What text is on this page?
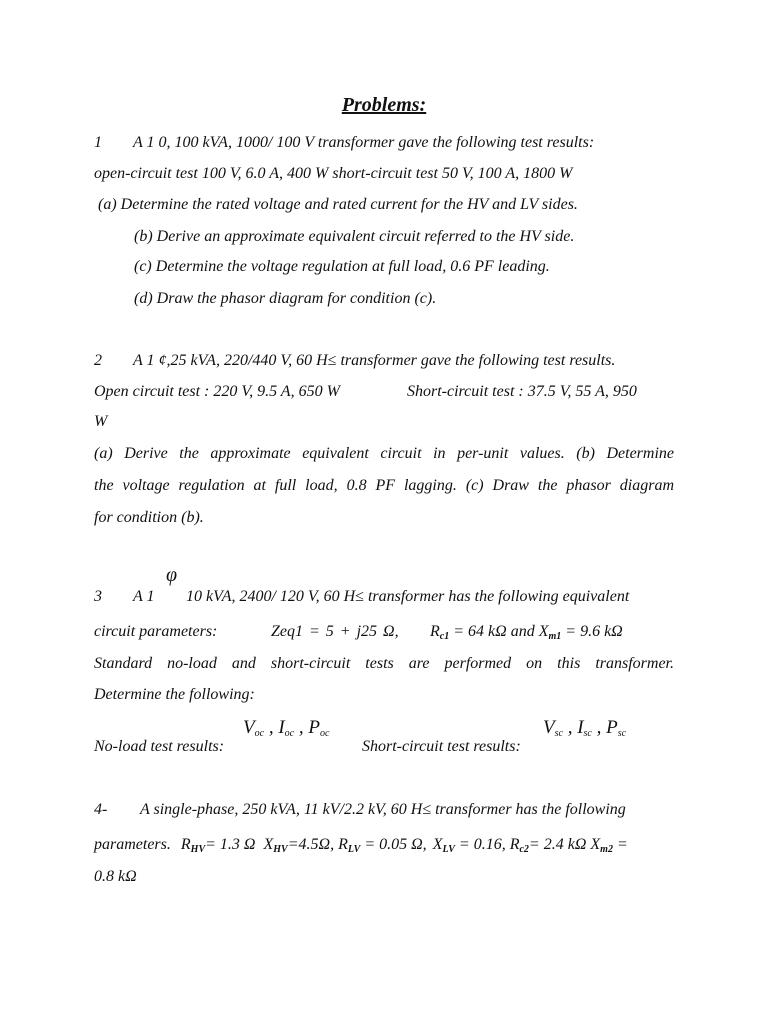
Problems:
1 A 1 0, 100 kVA, 1000/ 100 V transformer gave the following test results:
open-circuit test 100 V, 6.0 A, 400 W short-circuit test 50 V, 100 A, 1800 W
(a) Determine the rated voltage and rated current for the HV and LV sides.
(b) Derive an approximate equivalent circuit referred to the HV side.
(c) Determine the voltage regulation at full load, 0.6 PF leading.
(d) Draw the phasor diagram for condition (c).
2 A 1 ¢,25 kVA, 220/440 V, 60 H≤ transformer gave the following test results.
Open circuit test : 220 V, 9.5 A, 650 W	Short-circuit test : 37.5 V, 55 A, 950
W
(a) Derive the approximate equivalent circuit in per-unit values. (b) Determine
the voltage regulation at full load, 0.8 PF lagging. (c) Draw the phasor diagram
for condition (b).
φ
3 A 1 10 kVA, 2400/ 120 V, 60 H≤ transformer has the following equivalent
circuit parameters:	Zeq1 = 5 + j25 Ω, $R_{c1} = 64$ kΩ and $X_{m1} = 9.6$ kΩ
Standard no-load and short-circuit tests are performed on this transformer.
Determine the following:
Voc , Ioc , Poc	Vsc , Isc , Psc
No-load test results:	Short-circuit test results:
4- A single-phase, 250 kVA, 11 kV/2.2 kV, 60 H≤ transformer has the following
parameters. $R_{HV}= 1.3$ Ω $X_{HV}=4.5\Omega$, $R_{LV} = 0.05$ Ω, $X_{LV} = 0.16$, $R_{c2}= 2.4$ kΩ $X_{m2}$ =
0.8 kΩ
